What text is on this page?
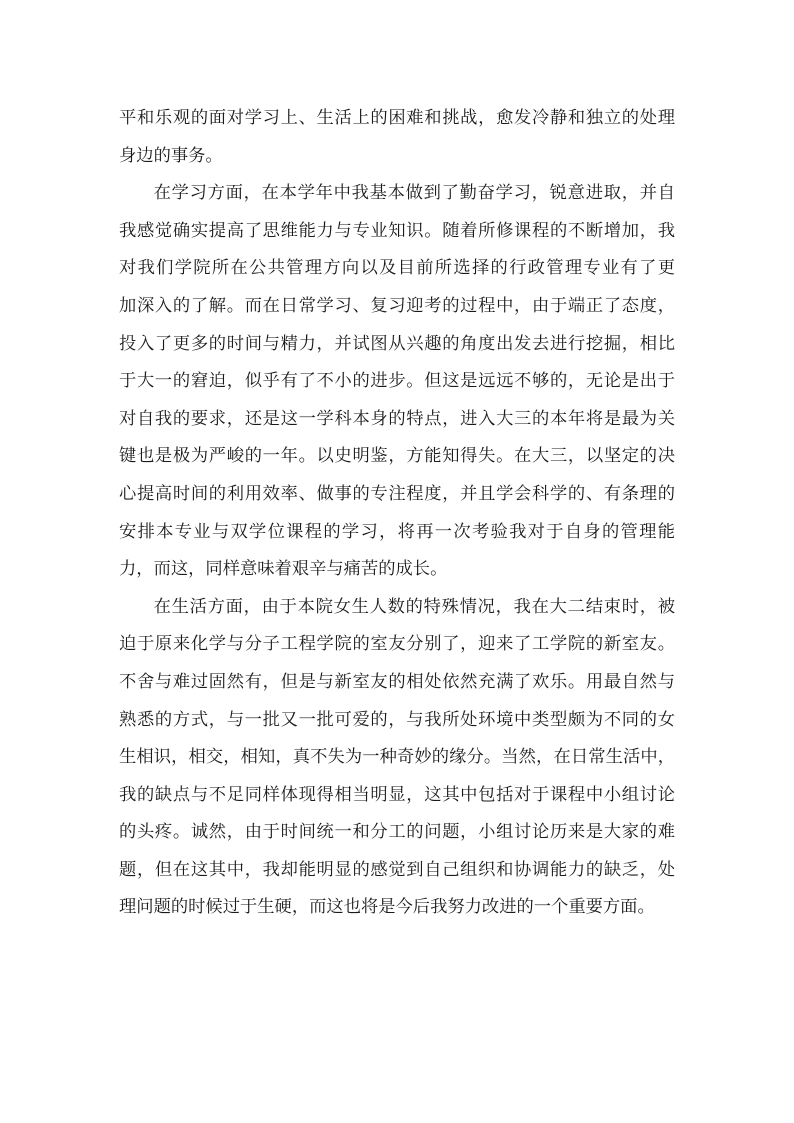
平和乐观的面对学习上、生活上的困难和挑战，愈发冷静和独立的处理
身边的事务。

在学习方面，在本学年中我基本做到了勤奋学习，锐意进取，并自
我感觉确实提高了思维能力与专业知识。随着所修课程的不断增加，我
对我们学院所在公共管理方向以及目前所选择的行政管理专业有了更
加深入的了解。而在日常学习、复习迎考的过程中，由于端正了态度，
投入了更多的时间与精力，并试图从兴趣的角度出发去进行挖掘，相比
于大一的窘迫，似乎有了不小的进步。但这是远远不够的，无论是出于
对自我的要求，还是这一学科本身的特点，进入大三的本年将是最为关
键也是极为严峻的一年。以史明鉴，方能知得失。在大三，以坚定的决
心提高时间的利用效率、做事的专注程度，并且学会科学的、有条理的
安排本专业与双学位课程的学习，将再一次考验我对于自身的管理能
力，而这，同样意味着艰辛与痛苦的成长。

在生活方面，由于本院女生人数的特殊情况，我在大二结束时，被
迫于原来化学与分子工程学院的室友分别了，迎来了工学院的新室友。
不舍与难过固然有，但是与新室友的相处依然充满了欢乐。用最自然与
熟悉的方式，与一批又一批可爱的，与我所处环境中类型颇为不同的女
生相识，相交，相知，真不失为一种奇妙的缘分。当然，在日常生活中，
我的缺点与不足同样体现得相当明显，这其中包括对于课程中小组讨论
的头疼。诚然，由于时间统一和分工的问题，小组讨论历来是大家的难
题，但在这其中，我却能明显的感觉到自己组织和协调能力的缺乏，处
理问题的时候过于生硬，而这也将是今后我努力改进的一个重要方面。
